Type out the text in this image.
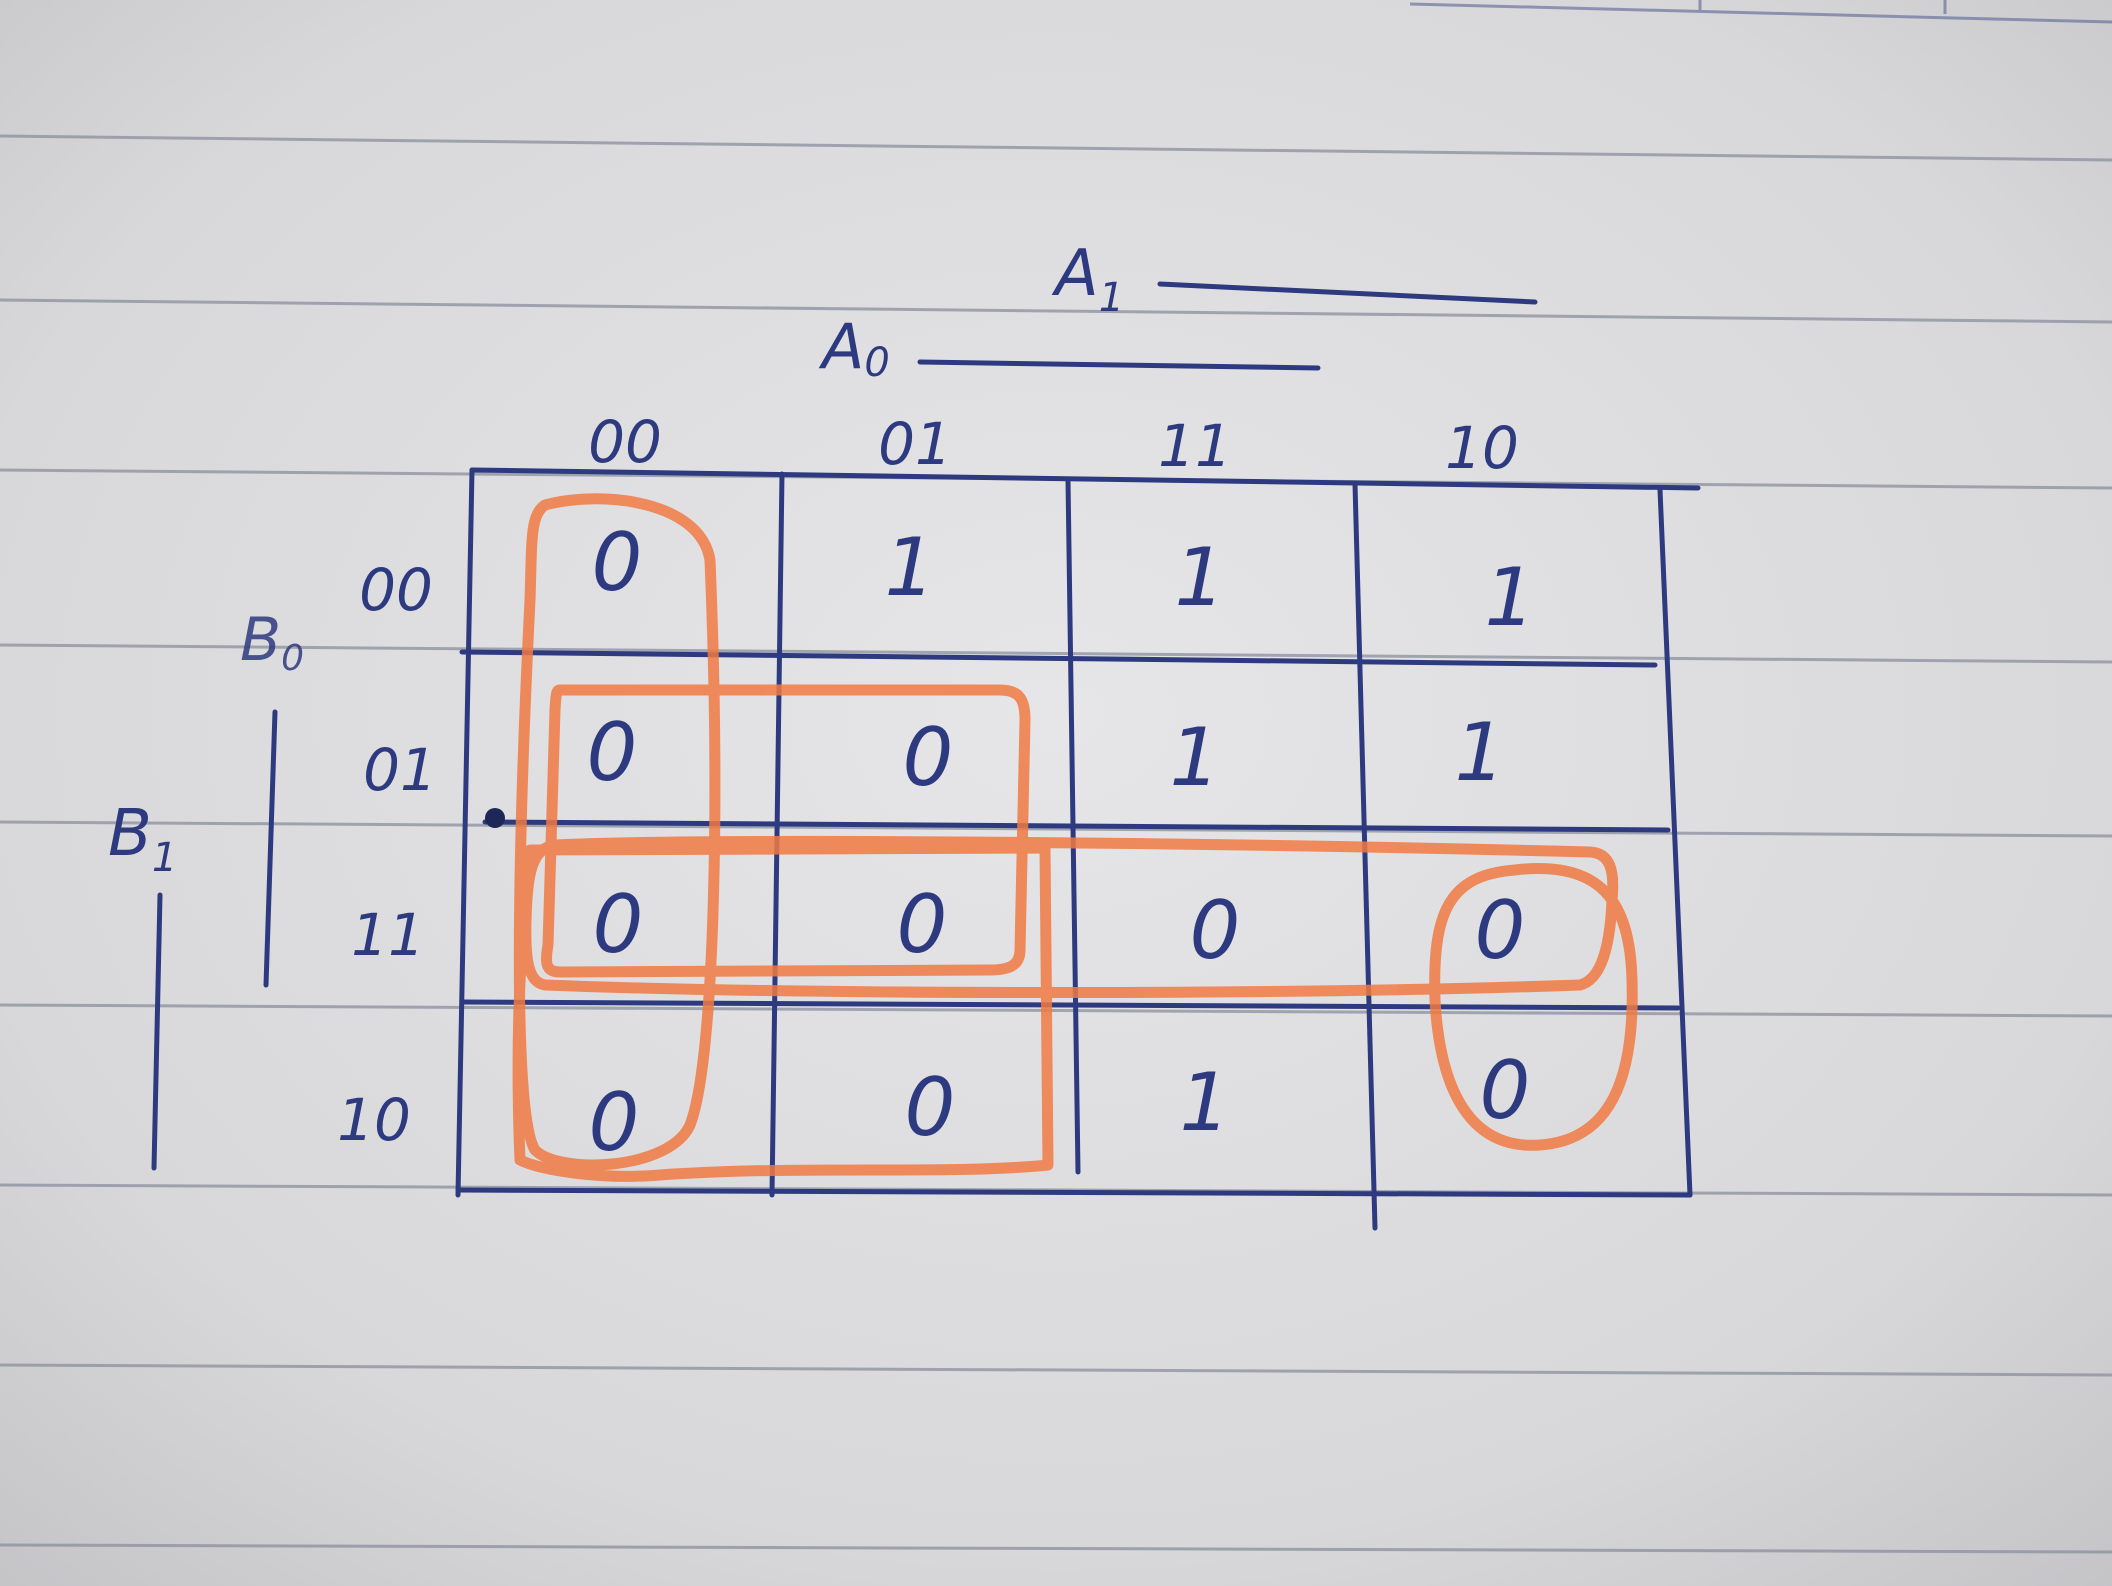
$A_1$
A0
B0
$B_1$
00	01	11	10
00
01
11
10
0	1	1	1
0	0	1	1
0	0	0	0
0	0	1	0
